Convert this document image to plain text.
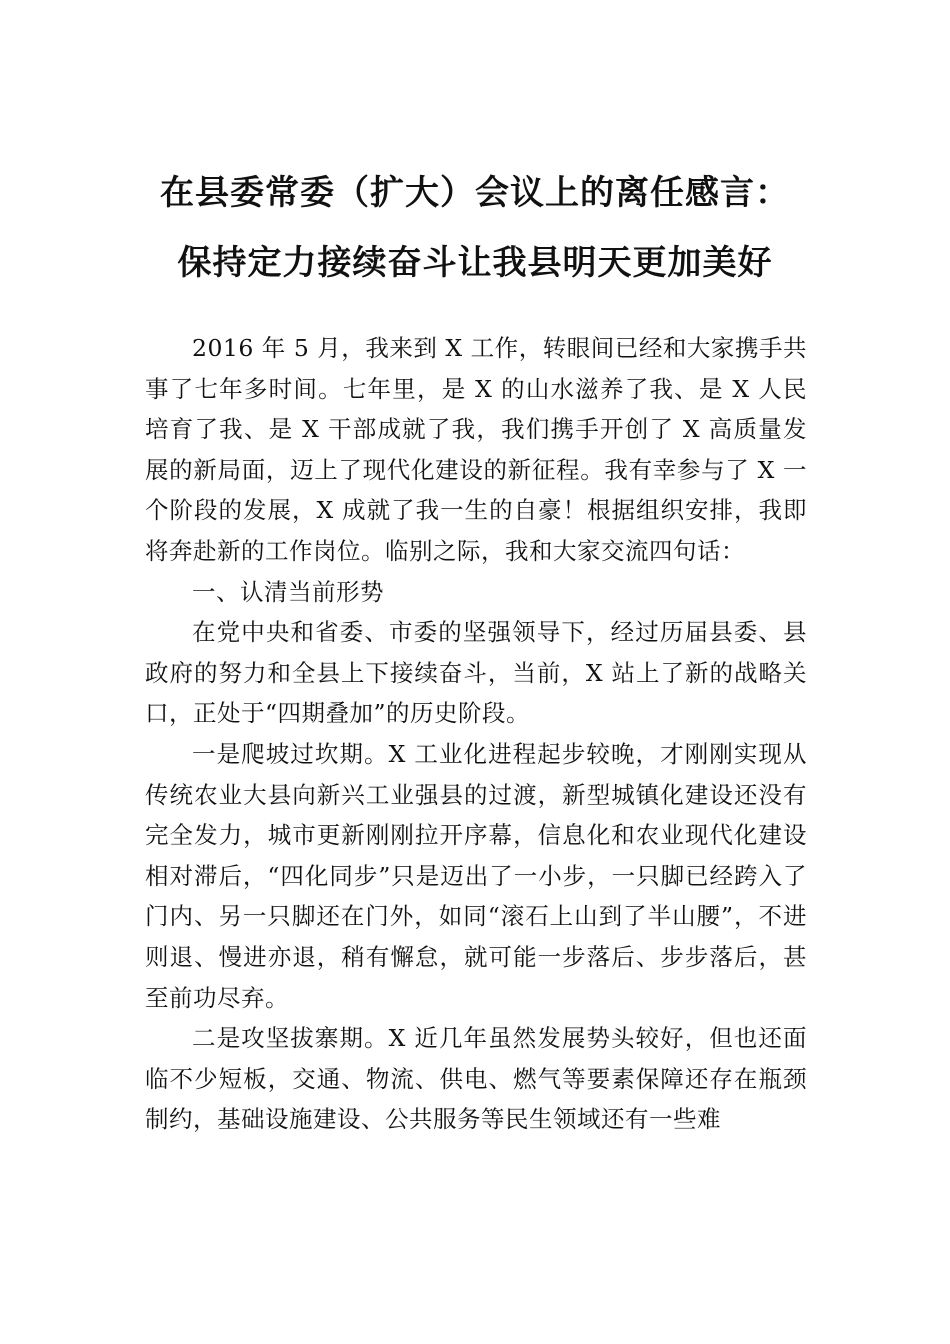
在县委常委（扩大）会议上的离任感言：

保持定力接续奋斗让我县明天更加美好

2016 年 5 月，我来到 X 工作，转眼间已经和大家携手共事了七年多时间。七年里，是 X 的山水滋养了我、是 X 人民培育了我、是 X 干部成就了我，我们携手开创了 X 高质量发展的新局面，迈上了现代化建设的新征程。我有幸参与了 X 一个阶段的发展，X 成就了我一生的自豪！根据组织安排，我即将奔赴新的工作岗位。临别之际，我和大家交流四句话：

一、认清当前形势

在党中央和省委、市委的坚强领导下，经过历届县委、县政府的努力和全县上下接续奋斗，当前，X 站上了新的战略关口，正处于“四期叠加”的历史阶段。

一是爬坡过坎期。X 工业化进程起步较晚，才刚刚实现从传统农业大县向新兴工业强县的过渡，新型城镇化建设还没有完全发力，城市更新刚刚拉开序幕，信息化和农业现代化建设相对滞后，“四化同步”只是迈出了一小步，一只脚已经跨入了门内、另一只脚还在门外，如同“滚石上山到了半山腰”，不进则退、慢进亦退，稍有懈怠，就可能一步落后、步步落后，甚至前功尽弃。

二是攻坚拔寨期。X 近几年虽然发展势头较好，但也还面临不少短板，交通、物流、供电、燃气等要素保障还存在瓶颈制约，基础设施建设、公共服务等民生领域还有一些难
